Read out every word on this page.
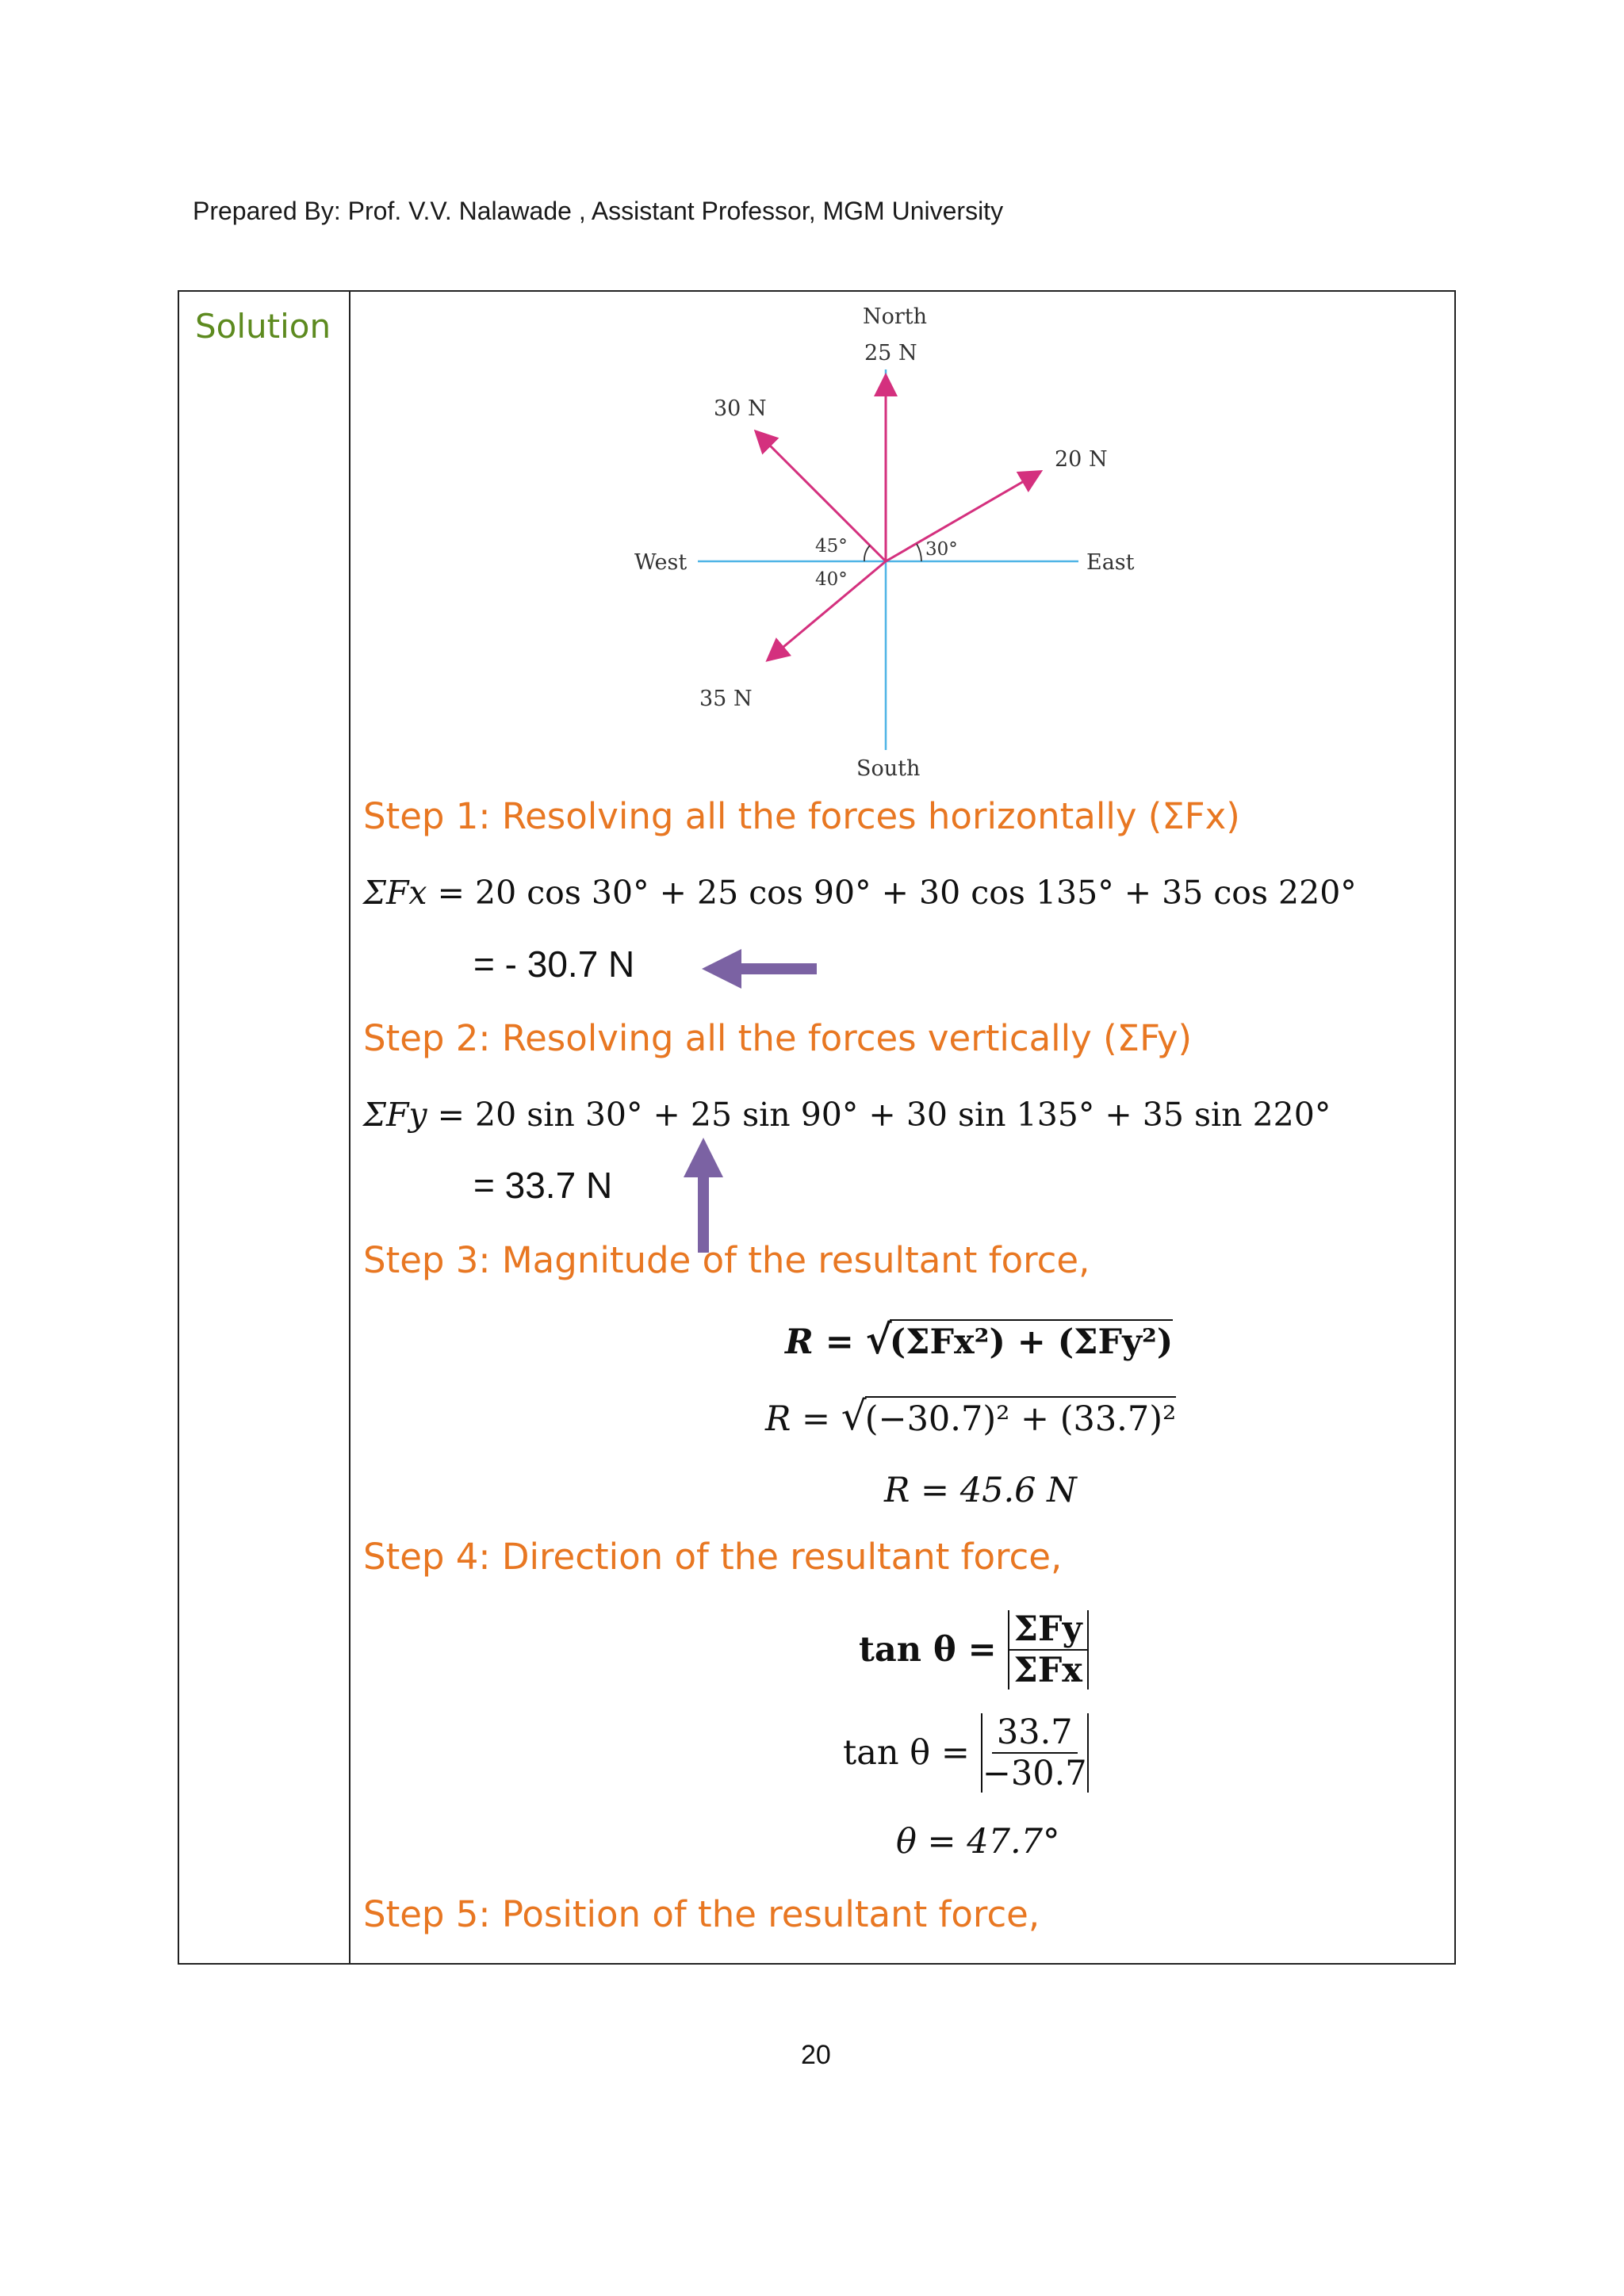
Prepared By: Prof. V.V. Nalawade , Assistant Professor, MGM University
Solution	North
25 N
30 N
20 N
West	East
45°
40°
30°
35 N
South
Step 1: Resolving all the forces horizontally (ΣFx)
ΣFx = 20 cos 30° + 25 cos 90° + 30 cos 135° + 35 cos 220°
= - 30.7 N
Step 2: Resolving all the forces vertically (ΣFy)
ΣFy = 20 sin 30° + 25 sin 90° + 30 sin 135° + 35 sin 220°
= 33.7 N
Step 3: Magnitude of the resultant force,
R = √
(ΣFx²) + (ΣFy²)
R = √
(−30.7)² + (33.7)²
R = 45.6 N
Step 4: Direction of the resultant force,
$\tan \theta = \frac{\text{ΣFy}}{\text{ΣFx}}$
$\tan \theta = \frac{33.7}{-30.7}$
θ = 47.7°
Step 5: Position of the resultant force,
20
